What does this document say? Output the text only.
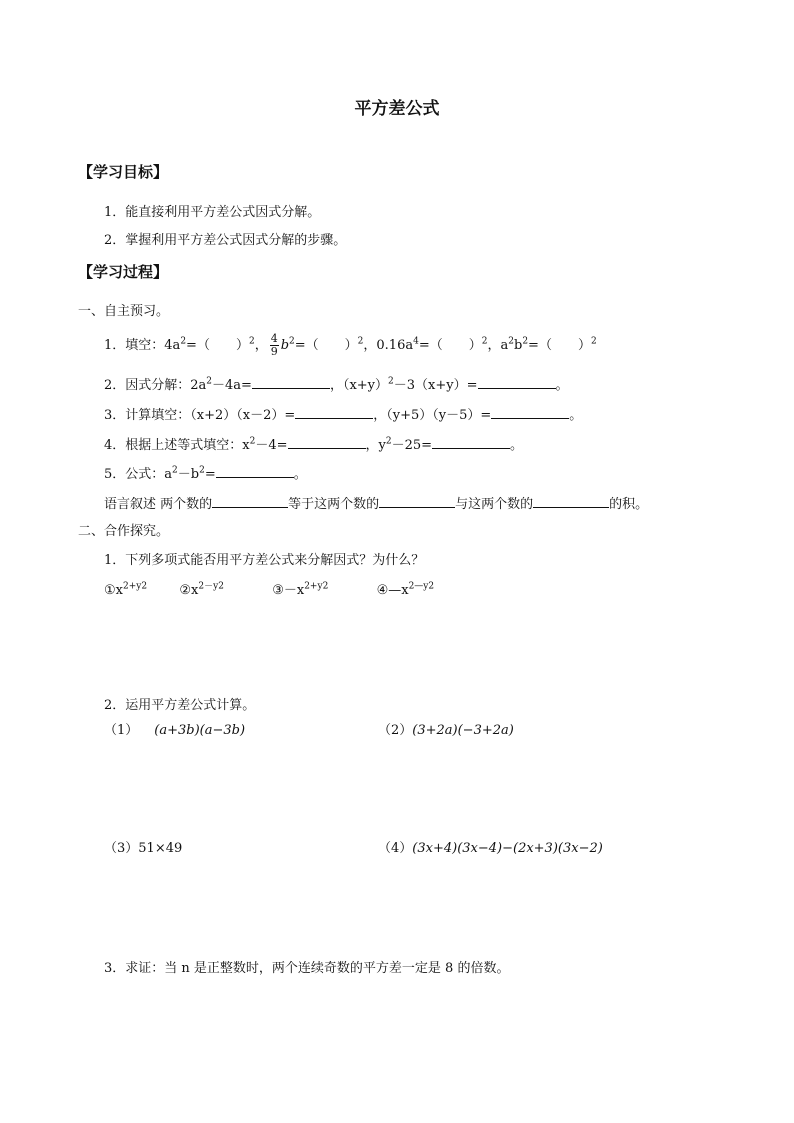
平方差公式
【学习目标】
1．能直接利用平方差公式因式分解。
2．掌握利用平方差公式因式分解的步骤。
【学习过程】
一、自主预习。
1．填空：$4a^2=$（　　）$^2$， $\frac{4}{9} b^2=$（　　）$^2$，$0.16a^4=$（　　）$^2$，$a^2b^2=$（　　）$^2$
2．因式分解：$2a^2-4a=$	，$(x+y)^2-3(x+y)=$	。
3．计算填空：（x+2）（x－2）=	，（y+5）（y－5）=	。
4．根据上述等式填空：$x^2-4=$	，$y^2-25=$	。
5．公式：$a^2-b^2=$	。
语言叙述 两个数的	等于这两个数的	与这两个数的	的积。
二、合作探究。
1．下列多项式能否用平方差公式来分解因式？为什么？
$①x^{2+y2}$ $②x^{2-y2}$	$③-x^{2+y2}$	$④—x^{2—y2}$
2．运用平方差公式计算。
（1） (a+3b)(a−3b)	（2）(3+2a)(−3+2a)
（3）51×49	（4）(3x+4)(3x−4)−(2x+3)(3x−2)
3．求证：当 n 是正整数时，两个连续奇数的平方差一定是 8 的倍数。
